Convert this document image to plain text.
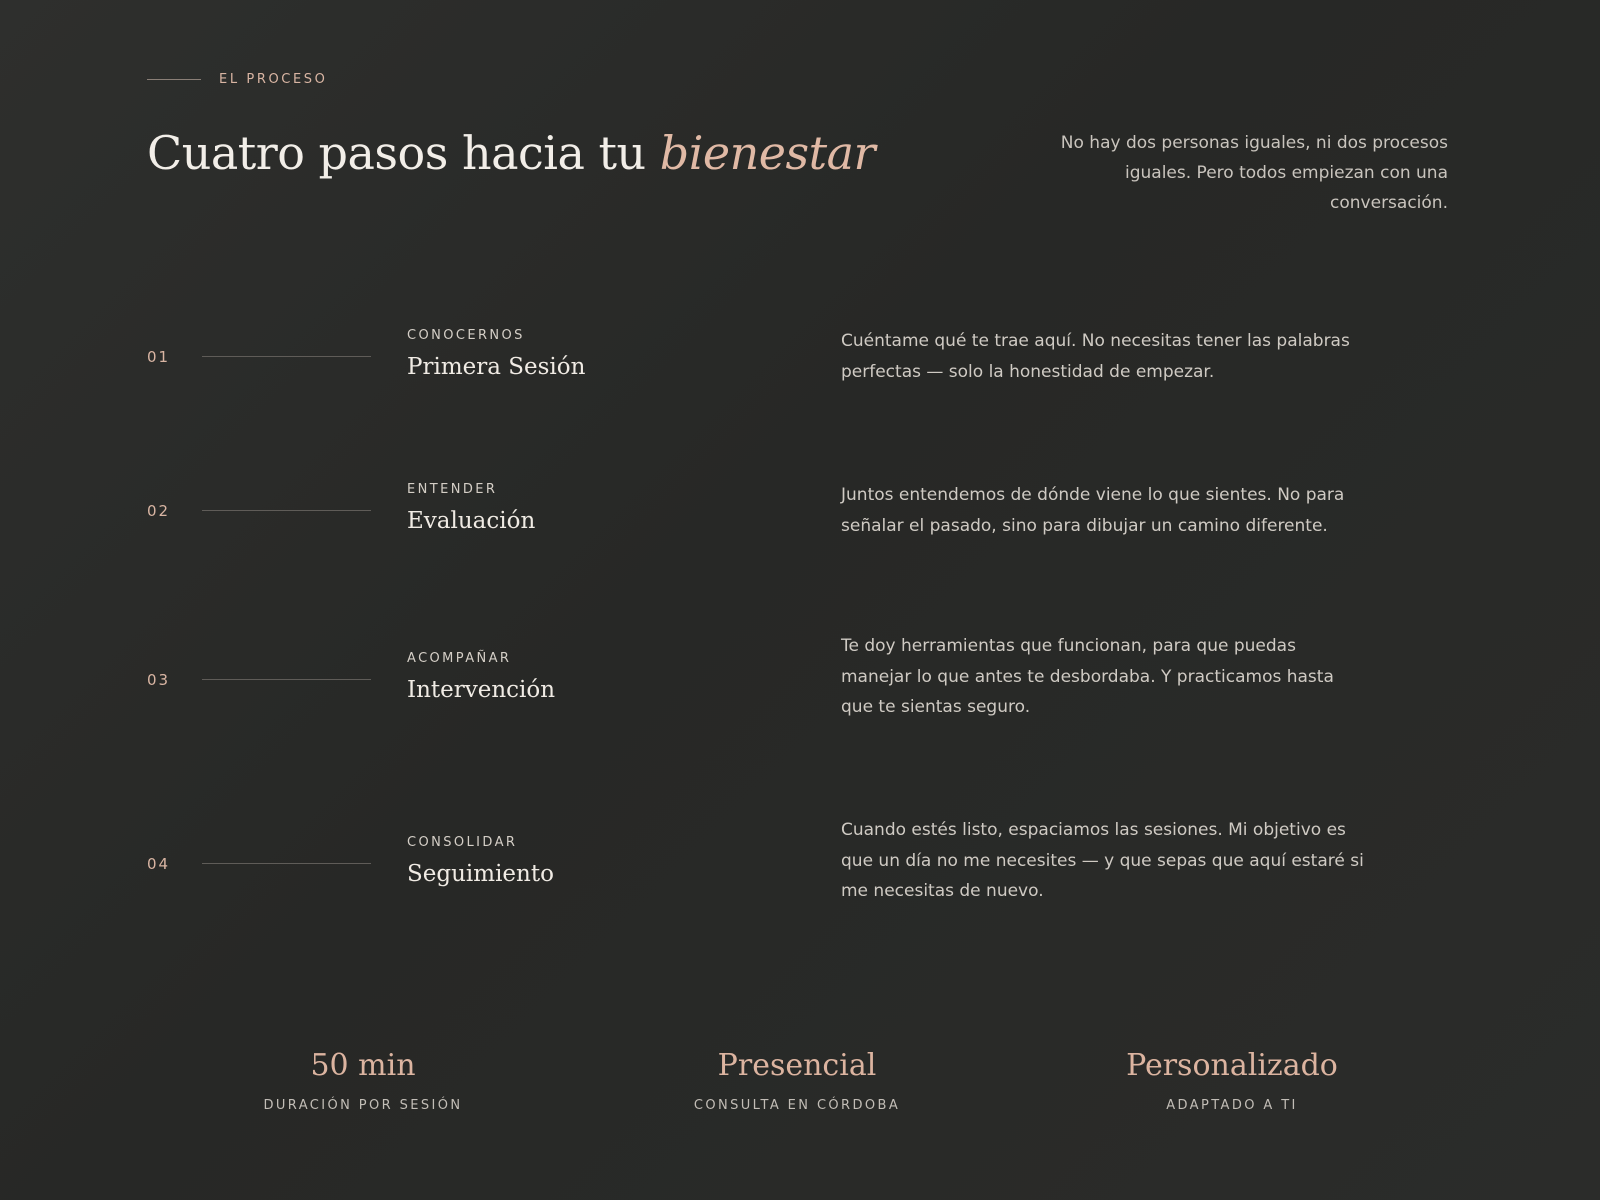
EL PROCESO
Cuatro pasos hacia tu bienestar	No hay dos personas iguales, ni dos procesos iguales. Pero todos empiezan con una conversación.

01
CONOCERNOS
Primera Sesión

Cuéntame qué te trae aquí. No necesitas tener las palabras perfectas — solo la honestidad de empezar.

02
ENTENDER
Evaluación

Juntos entendemos de dónde viene lo que sientes. No para señalar el pasado, sino para dibujar un camino diferente.

03
ACOMPAÑAR
Intervención

Te doy herramientas que funcionan, para que puedas manejar lo que antes te desbordaba. Y practicamos hasta que te sientas seguro.

04
CONSOLIDAR
Seguimiento

Cuando estés listo, espaciamos las sesiones. Mi objetivo es que un día no me necesites — y que sepas que aquí estaré si me necesitas de nuevo.

50 min
DURACIÓN POR SESIÓN
Presencial
CONSULTA EN CÓRDOBA
Personalizado
ADAPTADO A TI
